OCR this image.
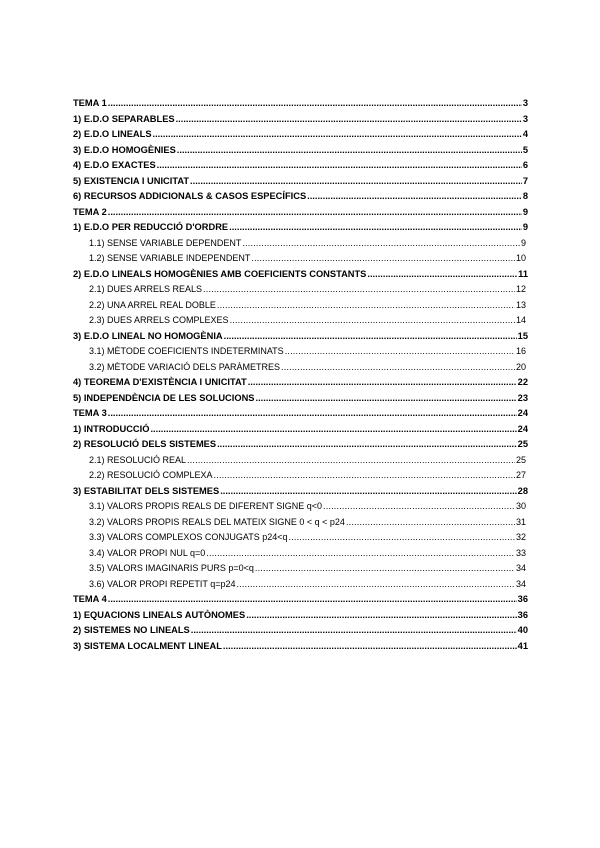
TEMA 1 .....	3
1) E.D.O SEPARABLES .....	3
2) E.D.O LINEALS .....	4
3) E.D.O HOMOGÈNIES .....	5
4) E.D.O EXACTES .....	6
5) EXISTENCIA I UNICITAT .....	7
6) RECURSOS ADDICIONALS & CASOS ESPECÍFICS .....	8
TEMA 2 .....	9
1) E.D.O PER REDUCCIÓ D'ORDRE .....	9
1.1) SENSE VARIABLE DEPENDENT .....	9
1.2) SENSE VARIABLE INDEPENDENT .....	10
2) E.D.O LINEALS HOMOGÈNIES AMB COEFICIENTS CONSTANTS .....	11
2.1) DUES ARRELS REALS .....	12
2.2) UNA ARREL REAL DOBLE .....	13
2.3) DUES ARRELS COMPLEXES .....	14
3) E.D.O LINEAL NO HOMOGÈNIA .....	15
3.1) MÈTODE COEFICIENTS INDETERMINATS .....	16
3.2) MÈTODE VARIACIÓ DELS PARÀMETRES .....	20
4) TEOREMA D'EXISTÈNCIA I UNICITAT .....	22
5) INDEPENDÈNCIA DE LES SOLUCIONS .....	23
TEMA 3 .....	24
1) INTRODUCCIÓ .....	24
2) RESOLUCIÓ DELS SISTEMES .....	25
2.1) RESOLUCIÓ REAL .....	25
2.2) RESOLUCIÓ COMPLEXA .....	27
3) ESTABILITAT DELS SISTEMES .....	28
3.1) VALORS PROPIS REALS DE DIFERENT SIGNE q<0 .....	30
3.2) VALORS PROPIS REALS DEL MATEIX SIGNE 0 < q < p24 .....	31
3.3) VALORS COMPLEXOS CONJUGATS p24<q .....	32
3.4) VALOR PROPI NUL q=0 .....	33
3.5) VALORS IMAGINARIS PURS p=0<q .....	34
3.6) VALOR PROPI REPETIT q=p24 .....	34
TEMA 4 .....	36
1) EQUACIONS LINEALS AUTÒNOMES .....	36
2) SISTEMES NO LINEALS .....	40
3) SISTEMA LOCALMENT LINEAL .....	41
